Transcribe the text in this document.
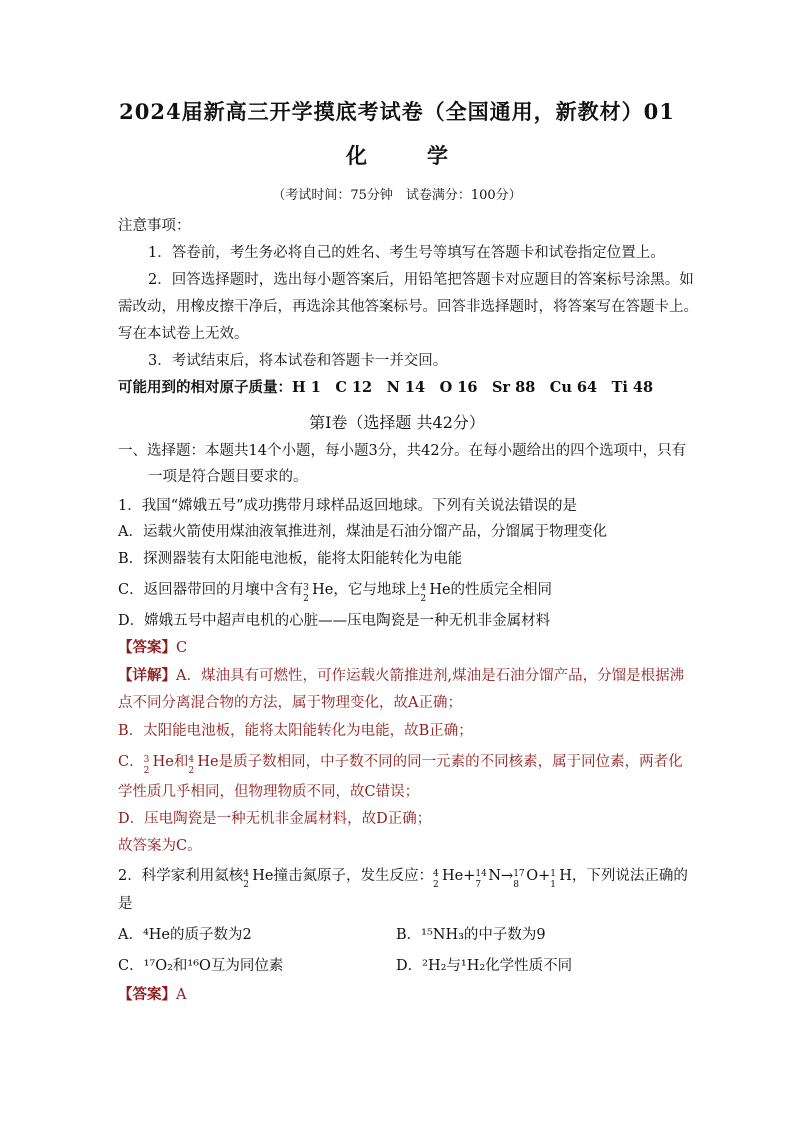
2024届新高三开学摸底考试卷（全国通用，新教材）01
化	学
（考试时间：75分钟　试卷满分：100分）
注意事项：
1．答卷前，考生务必将自己的姓名、考生号等填写在答题卡和试卷指定位置上。
2．回答选择题时，选出每小题答案后，用铅笔把答题卡对应题目的答案标号涂黑。如
需改动，用橡皮擦干净后，再选涂其他答案标号。回答非选择题时，将答案写在答题卡上。
写在本试卷上无效。
3．考试结束后，将本试卷和答题卡一并交回。
可能用到的相对原子质量：H 1　C 12　N 14　O 16　Sr 88　Cu 64　Ti 48
第Ⅰ卷（选择题 共42分）
一、选择题：本题共14个小题，每小题3分，共42分。在每小题给出的四个选项中，只有
一项是符合题目要求的。
1．我国“嫦娥五号”成功携带月球样品返回地球。下列有关说法错误的是
A．运载火箭使用煤油液氧推进剂，煤油是石油分馏产品，分馏属于物理变化
B．探测器装有太阳能电池板，能将太阳能转化为电能
C．返回器带回的月壤中含有 3
2
He，它与地球上 4
2
He的性质完全相同
D．嫦娥五号中超声电机的心脏——压电陶瓷是一种无机非金属材料
【答案】C
【详解】A．煤油具有可燃性，可作运载火箭推进剂,煤油是石油分馏产品，分馏是根据沸
点不同分离混合物的方法，属于物理变化，故A正确；
B．太阳能电池板，能将太阳能转化为电能，故B正确；
C． 3
2
He和 4
2
He是质子数相同，中子数不同的同一元素的不同核素，属于同位素，两者化
学性质几乎相同，但物理物质不同，故C错误；
D．压电陶瓷是一种无机非金属材料，故D正确；
故答案为C。
2．科学家利用氦核 4
2
He撞击氮原子，发生反应： 4
2
He+ 14
7
N→ 17
8
O+ 1
1
H，下列说法正确的
是
A．⁴He的质子数为2	B．¹⁵NH₃的中子数为9
C．¹⁷O₂和¹⁶O互为同位素	D．²H₂与¹H₂化学性质不同
【答案】A
